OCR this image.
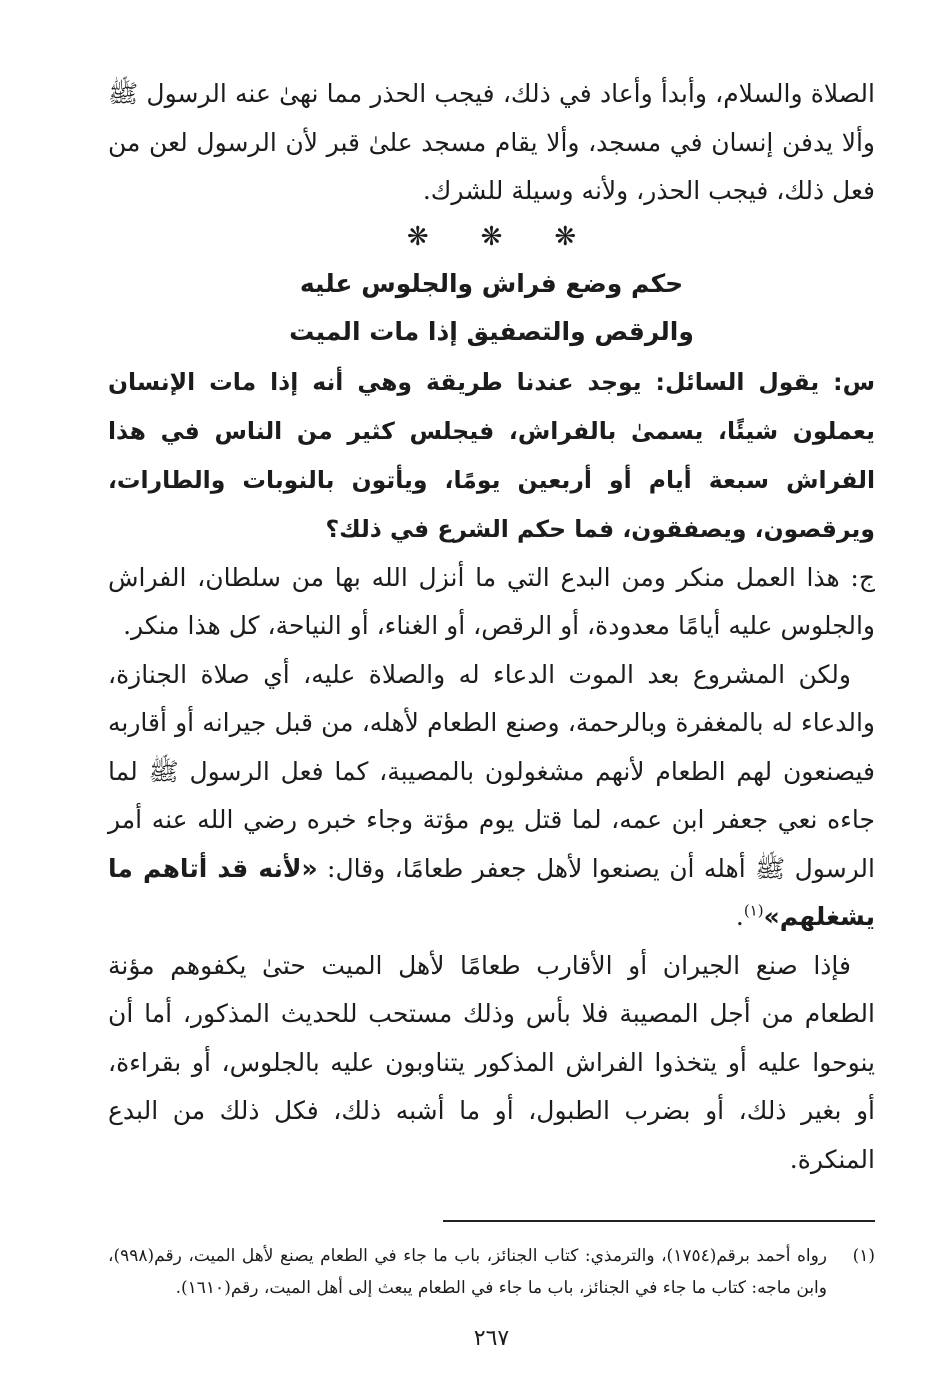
الصلاة والسلام، وأبدأ وأعاد في ذلك، فيجب الحذر مما نهىٰ عنه الرسول ﷺ وألا يدفن إنسان في مسجد، وألا يقام مسجد علىٰ قبر لأن الرسول لعن من فعل ذلك، فيجب الحذر، ولأنه وسيلة للشرك.

❋❋❋
حكم وضع فراش والجلوس عليه
والرقص والتصفيق إذا مات الميت

س: يقول السائل: يوجد عندنا طريقة وهي أنه إذا مات الإنسان يعملون شيئًا، يسمىٰ بالفراش، فيجلس كثير من الناس في هذا الفراش سبعة أيام أو أربعين يومًا، ويأتون بالنوبات والطارات، ويرقصون، ويصفقون، فما حكم الشرع في ذلك؟

ج: هذا العمل منكر ومن البدع التي ما أنزل الله بها من سلطان، الفراش والجلوس عليه أيامًا معدودة، أو الرقص، أو الغناء، أو النياحة، كل هذا منكر.

ولكن المشروع بعد الموت الدعاء له والصلاة عليه، أي صلاة الجنازة، والدعاء له بالمغفرة وبالرحمة، وصنع الطعام لأهله، من قبل جيرانه أو أقاربه فيصنعون لهم الطعام لأنهم مشغولون بالمصيبة، كما فعل الرسول ﷺ لما جاءه نعي جعفر ابن عمه، لما قتل يوم مؤتة وجاء خبره رضي الله عنه أمر الرسول ﷺ أهله أن يصنعوا لأهل جعفر طعامًا، وقال: «لأنه قد أتاهم ما يشغلهم»$^{(١)}$.

فإذا صنع الجيران أو الأقارب طعامًا لأهل الميت حتىٰ يكفوهم مؤنة الطعام من أجل المصيبة فلا بأس وذلك مستحب للحديث المذكور، أما أن ينوحوا عليه أو يتخذوا الفراش المذكور يتناوبون عليه بالجلوس، أو بقراءة، أو بغير ذلك، أو بضرب الطبول، أو ما أشبه ذلك، فكل ذلك من البدع المنكرة.

(١)
رواه أحمد برقم(١٧٥٤)، والترمذي: كتاب الجنائز، باب ما جاء في الطعام يصنع لأهل الميت، رقم(٩٩٨)، وابن ماجه: كتاب ما جاء في الجنائز، باب ما جاء في الطعام يبعث إلى أهل الميت، رقم(١٦١٠).
٢٦٧
